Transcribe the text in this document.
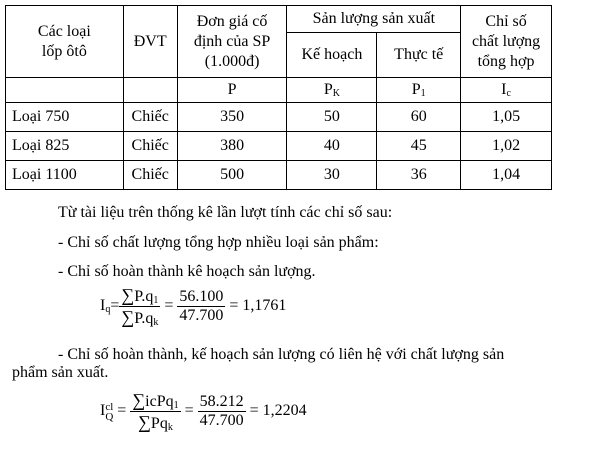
Các loại
lốp ôtô	ĐVT	Đơn giá cố
định của SP
(1.000đ)	Sản lượng sản xuất		Chỉ số
chất lượng
tổng hợp
			Kế hoạch	Thực tế	
		P	$P_K$	$P_1$	$I_c$
Loại 750	Chiếc	350	50	60	1,05
Loại 825	Chiếc	380	40	45	1,02
Loại 1100	Chiếc	500	30	36	1,04
Từ tài liệu trên thống kê lần lượt tính các chỉ số sau:
- Chỉ số chất lượng tổng hợp nhiều loại sản phẩm:
- Chỉ số hoàn thành kê hoạch sản lượng.
$I_q= \frac{\sum P.q_1}{\sum P.q_k} = \frac{56.100}{47.700} = 1,1761$
- Chỉ số hoàn thành, kế hoạch sản lượng có liên hệ với chất lượng sản
phẩm sản xuất.
Icl
$Q = \frac{\sum icPq_1}{\sum Pq_k} = \frac{58.212}{47.700} = 1,2204$
